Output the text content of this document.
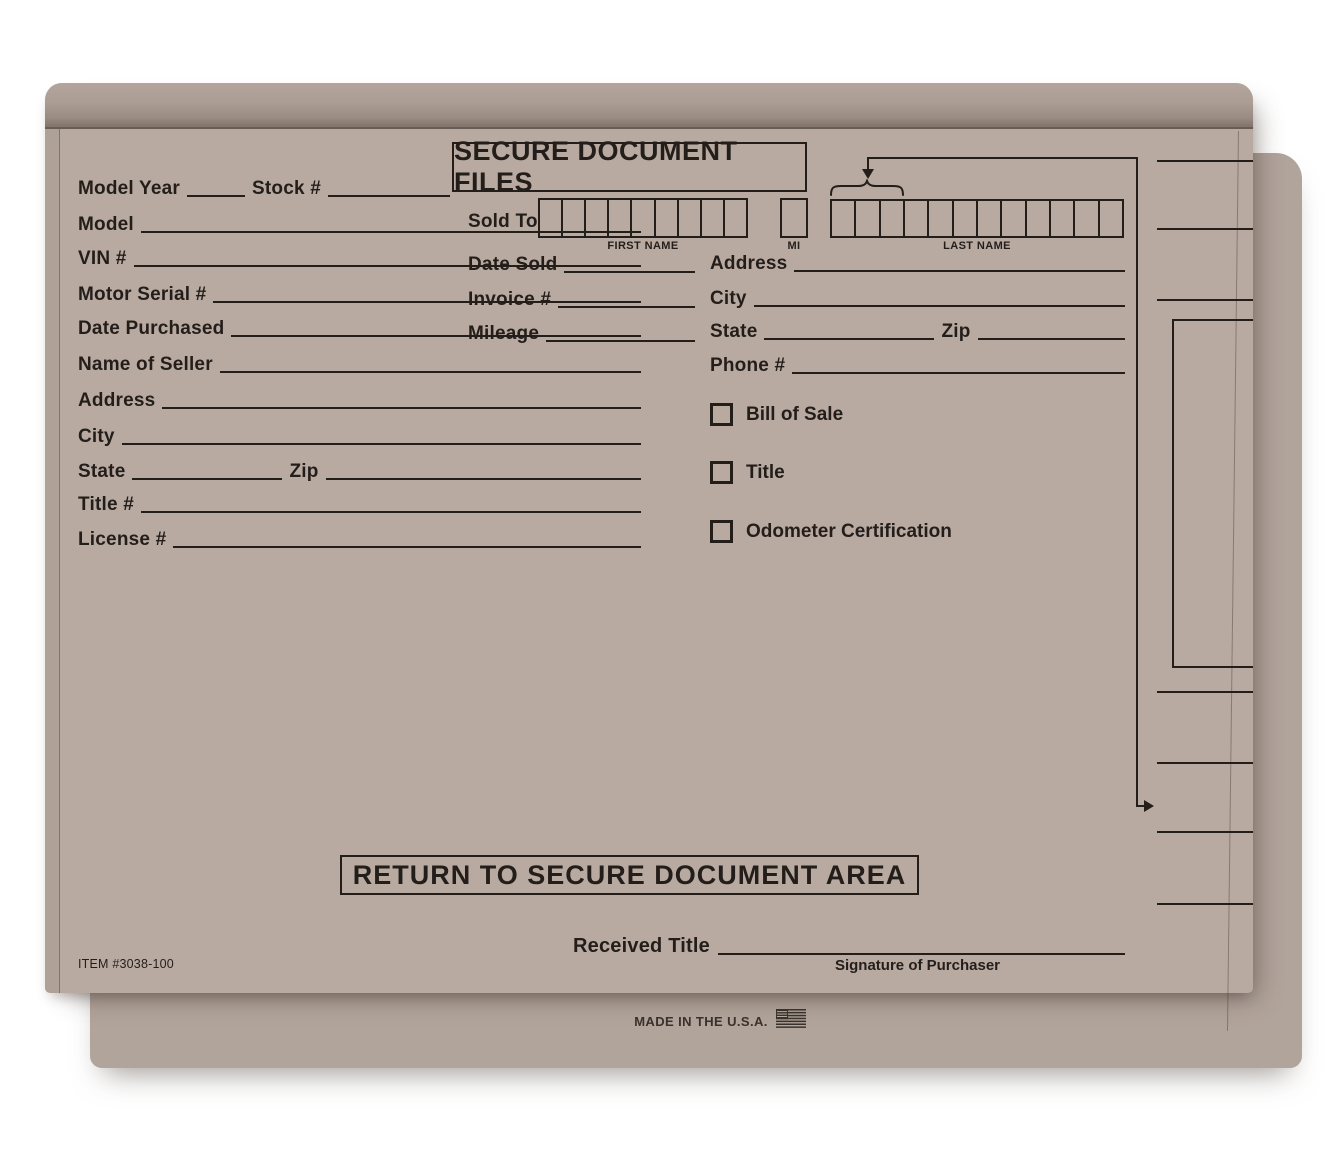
MADE IN THE U.S.A.
SECURE DOCUMENT FILES
Model Year	Stock #
Model
VIN #
Motor Serial #
Date Purchased
Name of Seller
Address
City
State	Zip
Title #
License #
Sold To
FIRST NAME	MI	LAST NAME
Date Sold
Invoice #
Mileage
Address
City
State	Zip
Phone #
Bill of Sale
Title
Odometer Certification
RETURN TO SECURE DOCUMENT AREA
Received Title
Signature of Purchaser
ITEM #3038-100
